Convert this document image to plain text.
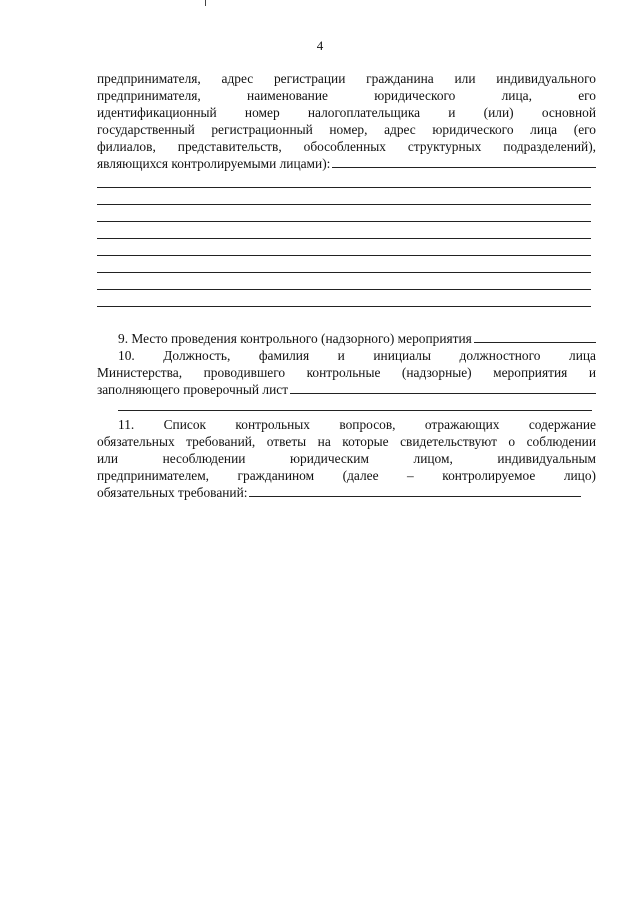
4
предпринимателя, адрес регистрации гражданина или индивидуального
предпринимателя, наименование юридического лица, его
идентификационный номер налогоплательщика и (или) основной
государственный регистрационный номер, адрес юридического лица (его
филиалов, представительств, обособленных структурных подразделений),
являющихся контролируемыми лицами):
9. Место проведения контрольного (надзорного) мероприятия
10. Должность, фамилия и инициалы должностного лица
Министерства, проводившего контрольные (надзорные) мероприятия и
заполняющего проверочный лист
11. Список контрольных вопросов, отражающих содержание
обязательных требований, ответы на которые свидетельствуют о соблюдении
или несоблюдении юридическим лицом, индивидуальным
предпринимателем, гражданином (далее – контролируемое лицо)
обязательных требований:
